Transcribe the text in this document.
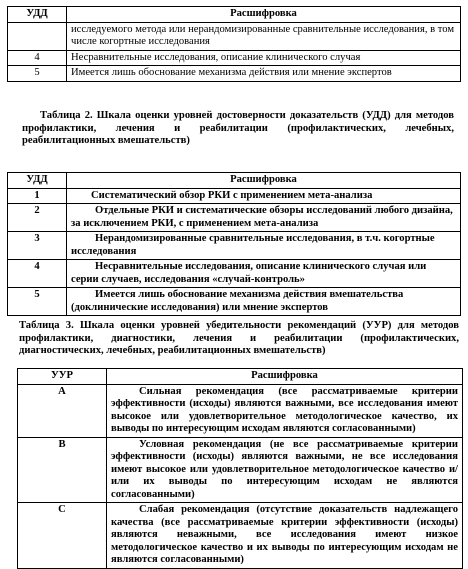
УДД	Расшифровка
	исследуемого метода или нерандомизированные сравнительные исследования, в том числе когортные исследования
4	Несравнительные исследования, описание клинического случая
5	Имеется лишь обоснование механизма действия или мнение экспертов
Таблица 2. Шкала оценки уровней достоверности доказательств (УДД) для методов профилактики, лечения и реабилитации (профилактических, лечебных, реабилитационных вмешательств)
УДД	Расшифровка
1	Систематический обзор РКИ с применением мета-анализа
2	Отдельные РКИ и систематические обзоры исследований любого дизайна, за исключением РКИ, с применением мета-анализа
3	Нерандомизированные сравнительные исследования, в т.ч. когортные исследования
4	Несравнительные исследования, описание клинического случая или серии случаев, исследования «случай-контроль»
5	Имеется лишь обоснование механизма действия вмешательства (доклинические исследования) или мнение экспертов
Таблица 3. Шкала оценки уровней убедительности рекомендаций (УУР) для методов профилактики, диагностики, лечения и реабилитации (профилактических, диагностических, лечебных, реабилитационных вмешательств)
УУР	Расшифровка
A	Сильная рекомендация (все рассматриваемые критерии эффективности (исходы) являются важными, все исследования имеют высокое или удовлетворительное методологическое качество, их выводы по интересующим исходам являются согласованными)
B	Условная рекомендация (не все рассматриваемые критерии эффективности (исходы) являются важными, не все исследования имеют высокое или удовлетворительное методологическое качество и/или их выводы по интересующим исходам не являются согласованными)
C	Слабая рекомендация (отсутствие доказательств надлежащего качества (все рассматриваемые критерии эффективности (исходы) являются неважными, все исследования имеют низкое методологическое качество и их выводы по интересующим исходам не являются согласованными)
